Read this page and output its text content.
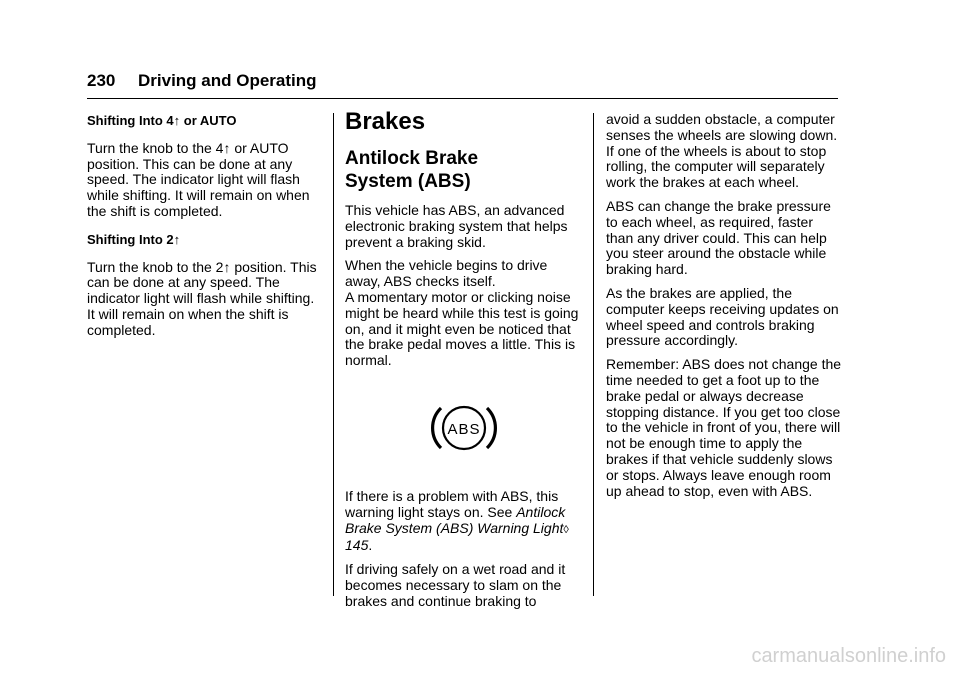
230 Driving and Operating

Shifting Into 4↑ or AUTO

Turn the knob to the 4↑ or AUTO position. This can be done at any speed. The indicator light will flash while shifting. It will remain on when the shift is completed.

Shifting Into 2↑

Turn the knob to the 2↑ position. This can be done at any speed. The indicator light will flash while shifting. It will remain on when the shift is completed.

Brakes

Antilock Brake
System (ABS)

This vehicle has ABS, an advanced electronic braking system that helps prevent a braking skid.

When the vehicle begins to drive away, ABS checks itself.
A momentary motor or clicking noise might be heard while this test is going on, and it might even be noticed that the brake pedal moves a little. This is normal.

ABS

If there is a problem with ABS, this warning light stays on. See Antilock Brake System (ABS) Warning Light◊ 145.

If driving safely on a wet road and it becomes necessary to slam on the brakes and continue braking to

avoid a sudden obstacle, a computer senses the wheels are slowing down. If one of the wheels is about to stop rolling, the computer will separately work the brakes at each wheel.

ABS can change the brake pressure to each wheel, as required, faster than any driver could. This can help you steer around the obstacle while braking hard.

As the brakes are applied, the computer keeps receiving updates on wheel speed and controls braking pressure accordingly.

Remember: ABS does not change the time needed to get a foot up to the brake pedal or always decrease stopping distance. If you get too close to the vehicle in front of you, there will not be enough time to apply the brakes if that vehicle suddenly slows or stops. Always leave enough room up ahead to stop, even with ABS.

carmanualsonline.info
